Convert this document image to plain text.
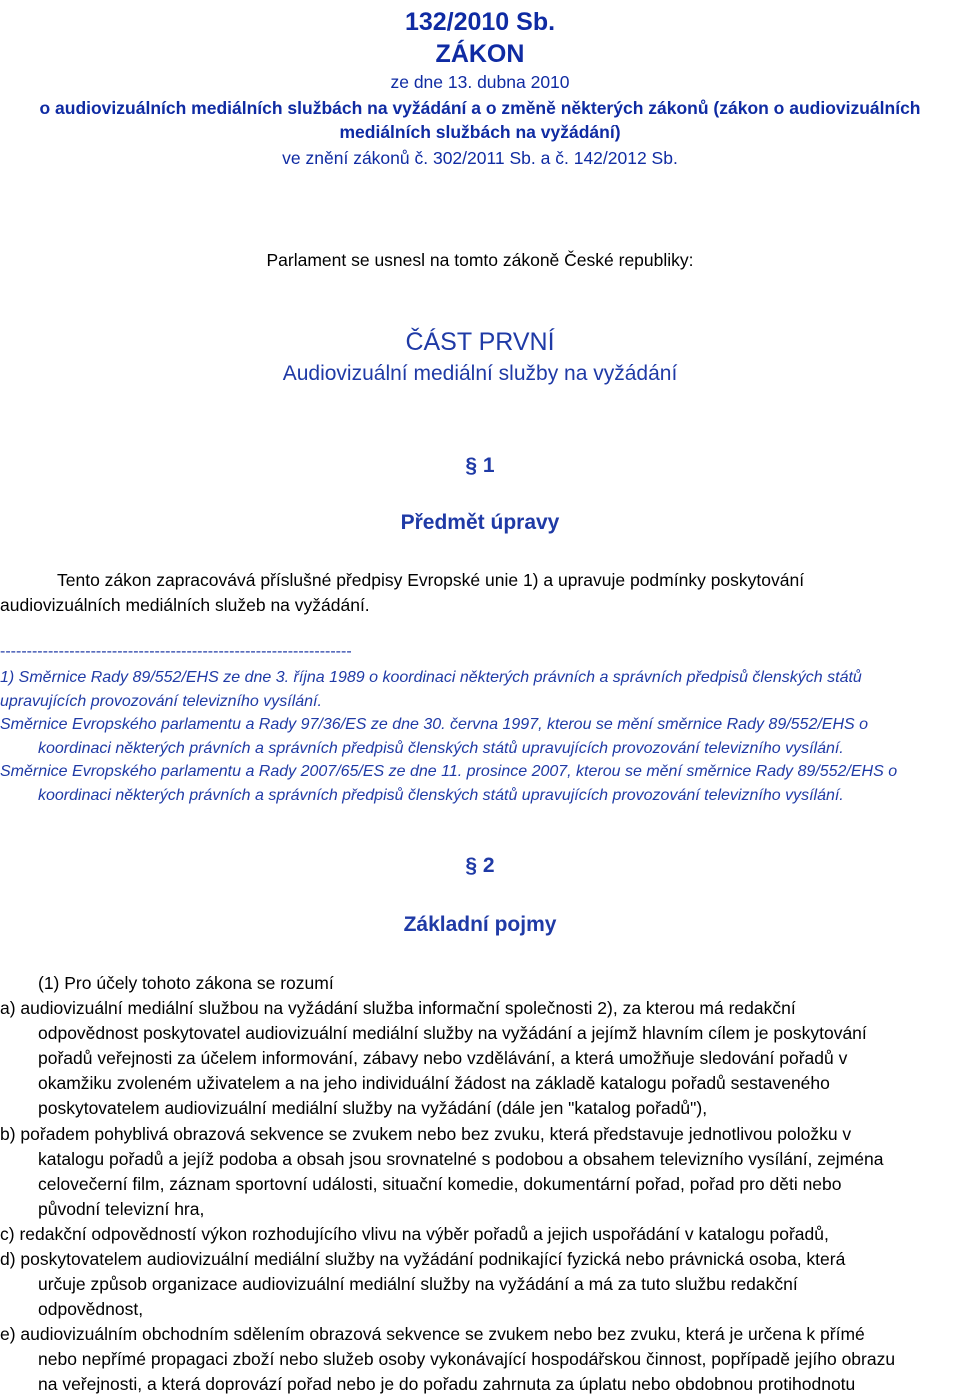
132/2010 Sb.
ZÁKON
ze dne 13. dubna 2010
o audiovizuálních mediálních službách na vyžádání a o změně některých zákonů (zákon o audiovizuálních
mediálních službách na vyžádání)
ve znění zákonů č. 302/2011 Sb. a č. 142/2012 Sb.
Parlament se usnesl na tomto zákoně České republiky:
ČÁST PRVNÍ
Audiovizuální mediální služby na vyžádání
§ 1
Předmět úpravy
Tento zákon zapracovává příslušné předpisy Evropské unie 1) a upravuje podmínky poskytování
audiovizuálních mediálních služeb na vyžádání.
------------------------------------------------------------------
1) Směrnice Rady 89/552/EHS ze dne 3. října 1989 o koordinaci některých právních a správních předpisů členských států
upravujících provozování televizního vysílání.
Směrnice Evropského parlamentu a Rady 97/36/ES ze dne 30. června 1997, kterou se mění směrnice Rady 89/552/EHS o
koordinaci některých právních a správních předpisů členských států upravujících provozování televizního vysílání.
Směrnice Evropského parlamentu a Rady 2007/65/ES ze dne 11. prosince 2007, kterou se mění směrnice Rady 89/552/EHS o
koordinaci některých právních a správních předpisů členských států upravujících provozování televizního vysílání.
§ 2
Základní pojmy
(1) Pro účely tohoto zákona se rozumí
a) audiovizuální mediální službou na vyžádání služba informační společnosti 2), za kterou má redakční
odpovědnost poskytovatel audiovizuální mediální služby na vyžádání a jejímž hlavním cílem je poskytování
pořadů veřejnosti za účelem informování, zábavy nebo vzdělávání, a která umožňuje sledování pořadů v
okamžiku zvoleném uživatelem a na jeho individuální žádost na základě katalogu pořadů sestaveného
poskytovatelem audiovizuální mediální služby na vyžádání (dále jen "katalog pořadů"),
b) pořadem pohyblivá obrazová sekvence se zvukem nebo bez zvuku, která představuje jednotlivou položku v
katalogu pořadů a jejíž podoba a obsah jsou srovnatelné s podobou a obsahem televizního vysílání, zejména
celovečerní film, záznam sportovní události, situační komedie, dokumentární pořad, pořad pro děti nebo
původní televizní hra,
c) redakční odpovědností výkon rozhodujícího vlivu na výběr pořadů a jejich uspořádání v katalogu pořadů,
d) poskytovatelem audiovizuální mediální služby na vyžádání podnikající fyzická nebo právnická osoba, která
určuje způsob organizace audiovizuální mediální služby na vyžádání a má za tuto službu redakční
odpovědnost,
e) audiovizuálním obchodním sdělením obrazová sekvence se zvukem nebo bez zvuku, která je určena k přímé
nebo nepřímé propagaci zboží nebo služeb osoby vykonávající hospodářskou činnost, popřípadě jejího obrazu
na veřejnosti, a která doprovází pořad nebo je do pořadu zahrnuta za úplatu nebo obdobnou protihodnotu
